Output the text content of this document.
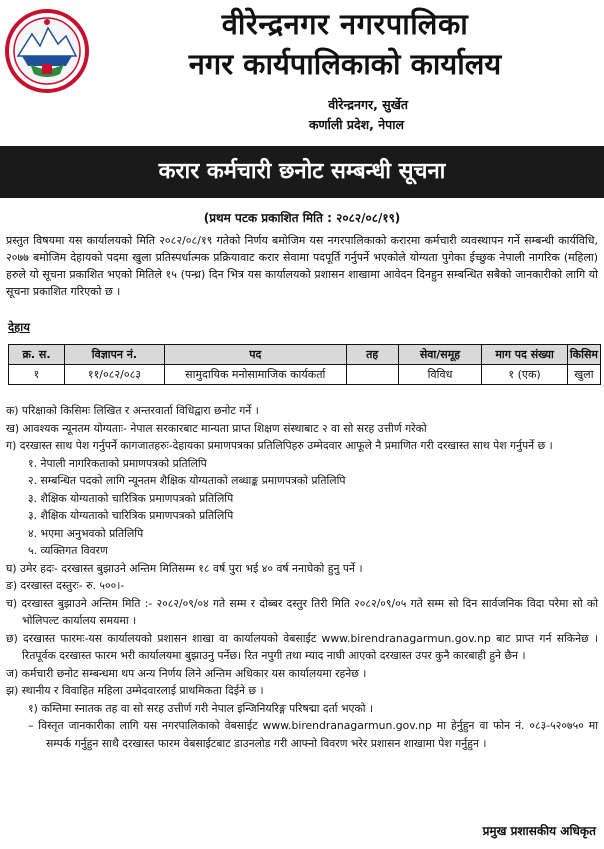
वीरेन्द्रनगर नगरपालिका
नगर कार्यपालिकाको कार्यालय
वीरेन्द्रनगर, सुर्खेत
कर्णाली प्रदेश, नेपाल
करार कर्मचारी छनोट सम्बन्धी सूचना
(प्रथम पटक प्रकाशित मिति : २०८२/०८/१९)
प्रस्तुत विषयमा यस कार्यालयको मिति २०८२/०८/१९ गतेको निर्णय बमोजिम यस नगरपालिकाको करारमा कर्मचारी व्यवस्थापन गर्ने सम्बन्धी कार्यविधि, २०७७ बमोजिम देहायको पदमा खुला प्रतिस्पर्धात्मक प्रक्रियावाट करार सेवामा पदपूर्ति गर्नुपर्ने भएकोले योग्यता पुगेका ईच्छुक नेपाली नागरिक (महिला) हरुले यो सूचना प्रकाशित भएको मितिले १५ (पन्ध्र) दिन भित्र यस कार्यालयको प्रशासन शाखामा आवेदन दिनहुन सम्बन्धित सबैको जानकारीको लागि यो सूचना प्रकाशित गरिएको छ ।
देहाय
क्र. स.	विज्ञापन नं.	पद	तह	सेवा/समूह	माग पद संख्या	किसिम
१	११/०८२/०८३	सामुदायिक मनोसामाजिक कार्यकर्ता		विविध	१ (एक)	खुला
क) परिक्षाको किसिमः लिखित र अन्तरवार्ता विधिद्वारा छनोट गर्ने ।
ख) आवश्यक न्यूनतम योग्यताः- नेपाल सरकारबाट मान्यता प्राप्त शिक्षण संस्थाबाट २ वा सो सरह उत्तीर्ण गरेको
ग) दरखास्त साथ पेश गर्नुपर्ने कागजातहरुः-देहायका प्रमाणपत्रका प्रतिलिपिहरु उम्मेदवार आफूले नै प्रमाणित गरी दरखास्त साथ पेश गर्नुपर्ने छ ।
१. नेपाली नागरिकताको प्रमाणपत्रको प्रतिलिपि
२. सम्बन्धित पदको लागि न्यूनतम शैक्षिक योग्यताको लब्धाङ्क प्रमाणपत्रको प्रतिलिपि
३. शैक्षिक योग्यताको चारित्रिक प्रमाणपत्रको प्रतिलिपि
३. शैक्षिक योग्यताको चारित्रिक प्रमाणपत्रको प्रतिलिपि
४. भएमा अनुभवको प्रतिलिपि
५. व्यक्तिगत विवरण
घ) उमेर हदः- दरखास्त बुझाउने अन्तिम मितिसम्म १८ वर्ष पुरा भई ४० वर्ष ननाघेको हुनु पर्ने ।
ङ) दरखास्त दस्तुरः- रु. ५००।-
च) दरखास्त बुझाउने अन्तिम मिति :- २०८२/०९/०४ गते सम्म र दोब्बर दस्तुर तिरी मिति २०८२/०९/०५ गते सम्म सो दिन सार्वजनिक विदा परेमा सो को भोलिपल्ट कार्यालय समयमा ।
छ) दरखास्त फारमः-यस कार्यालयको प्रशासन शाखा वा कार्यालयको वेबसाईट www.birendranagarmun.gov.np बाट प्राप्त गर्न सकिनेछ । रितपूर्वक दरखास्त फारम भरी कार्यालयमा बुझाउनु पर्नेछ। रित नपुगी तथा म्याद नाघी आएको दरखास्त उपर कुनै कारबाही हुने छैन ।
ज) कर्मचारी छनोट सम्बन्धमा थप अन्य निर्णय लिने अन्तिम अधिकार यस कार्यालयमा रहनेछ ।
झ) स्थानीय र विवाहित महिला उम्मेदवारलाई प्राथमिकता दिईने छ ।
१) कम्तिमा स्नातक तह वा सो सरह उत्तीर्ण गरी नेपाल इन्जिनियरिङ्ग परिषद्मा दर्ता भएको ।
– विस्तृत जानकारीका लागि यस नगरपालिकाको वेबसाईट www.birendranagarmun.gov.np मा हेर्नुहुन वा फोन नं. ०८३-५२०७५० मा सम्पर्क गर्नुहुन साथै दरखास्त फारम वेबसाईटबाट डाउनलोड गरी आफ्नो विवरण भरेर प्रशासन शाखामा पेश गर्नुहुन ।
प्रमुख प्रशासकीय अधिकृत
